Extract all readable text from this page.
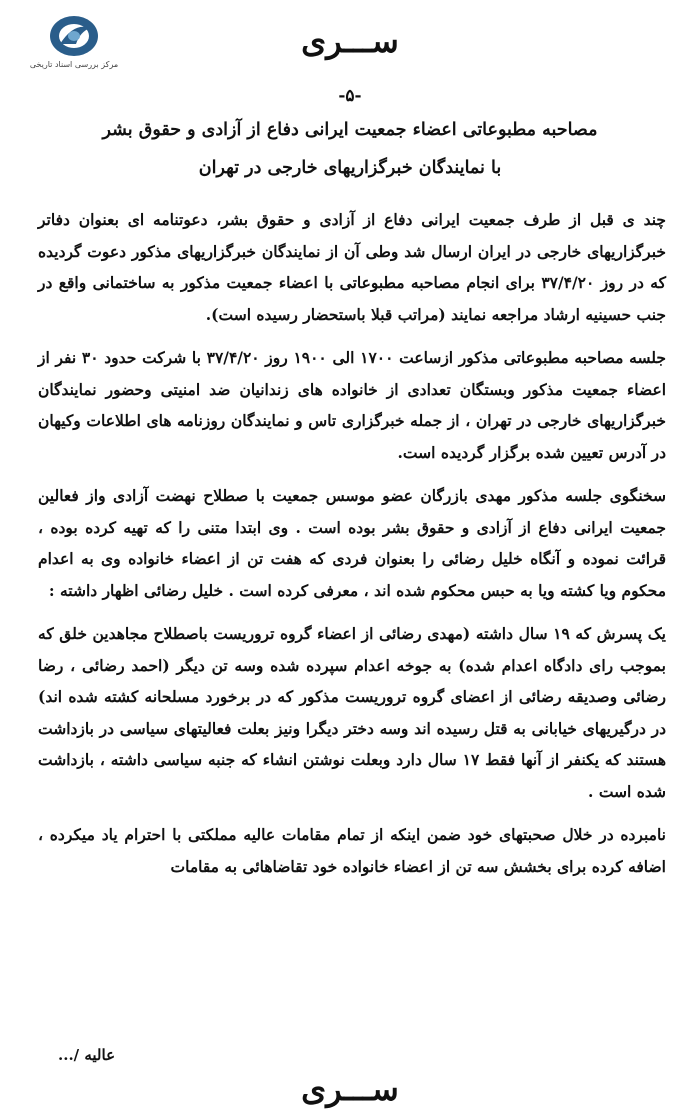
مرکز بررسی اسناد تاریخی
ســـری
-۵-
مصاحبه مطبوعاتی اعضاء جمعیت ایرانی دفاع از آزادی و حقوق بشر
با نمایندگان خبرگزاریهای خارجی در تهران

چند ی قبل از طرف جمعیت ایرانی دفاع از آزادی و حقوق بشر، دعوتنامه ای بعنوان دفاتر خبرگزاریهای خارجی در ایران ارسال شد وطی آن از نمایندگان خبرگزاریهای مذکور دعوت گردیده که در روز ۳۷/۴/۲۰ برای انجام مصاحبه مطبوعاتی با اعضاء جمعیت مذکور به ساختمانی واقع در جنب حسینیه ارشاد مراجعه نمایند (مراتب قبلا باستحضار رسیده است).

جلسه مصاحبه مطبوعاتی مذکور ازساعت ۱۷۰۰ الی ۱۹۰۰ روز ۳۷/۴/۲۰ با شرکت حدود ۳۰ نفر از اعضاء جمعیت مذکور وبستگان تعدادی از خانواده های زندانیان ضد امنیتی وحضور نمایندگان خبرگزاریهای خارجی در تهران ، از جمله خبرگزاری تاس و نمایندگان روزنامه های اطلاعات وکیهان در آدرس تعیین شده برگزار گردیده است.

سخنگوی جلسه مذکور مهدی بازرگان عضو موسس جمعیت با صطلاح نهضت آزادی واز فعالین جمعیت ایرانی دفاع از آزادی و حقوق بشر بوده است . وی ابتدا متنی را که تهیه کرده بوده ، قرائت نموده و آنگاه خلیل رضائی را بعنوان فردی که هفت تن از اعضاء خانواده وی به اعدام محکوم ویا کشته ویا به حبس محکوم شده اند ، معرفی کرده است . خلیل رضائی اظهار داشته :

یک پسرش که ۱۹ سال داشته (مهدی رضائی از اعضاء گروه تروریست باصطلاح مجاهدین خلق که بموجب رای دادگاه اعدام شده) به جوخه اعدام سپرده شده وسه تن دیگر (احمد رضائی ، رضا رضائی وصدیقه رضائی از اعضای گروه تروریست مذکور که در برخورد مسلحانه کشته شده اند) در درگیریهای خیابانی به قتل رسیده اند وسه دختر دیگرا ونیز بعلت فعالیتهای سیاسی در بازداشت هستند که یکنفر از آنها فقط ۱۷ سال دارد وبعلت نوشتن انشاء که جنبه سیاسی داشته ، بازداشت شده است .

نامبرده در خلال صحبتهای خود ضمن اینکه از تمام مقامات عالیه مملکتی با احترام یاد میکرده ، اضافه کرده برای بخشش سه تن از اعضاء خانواده خود تقاضاهائی به مقامات

عالیه /...
ســـری
